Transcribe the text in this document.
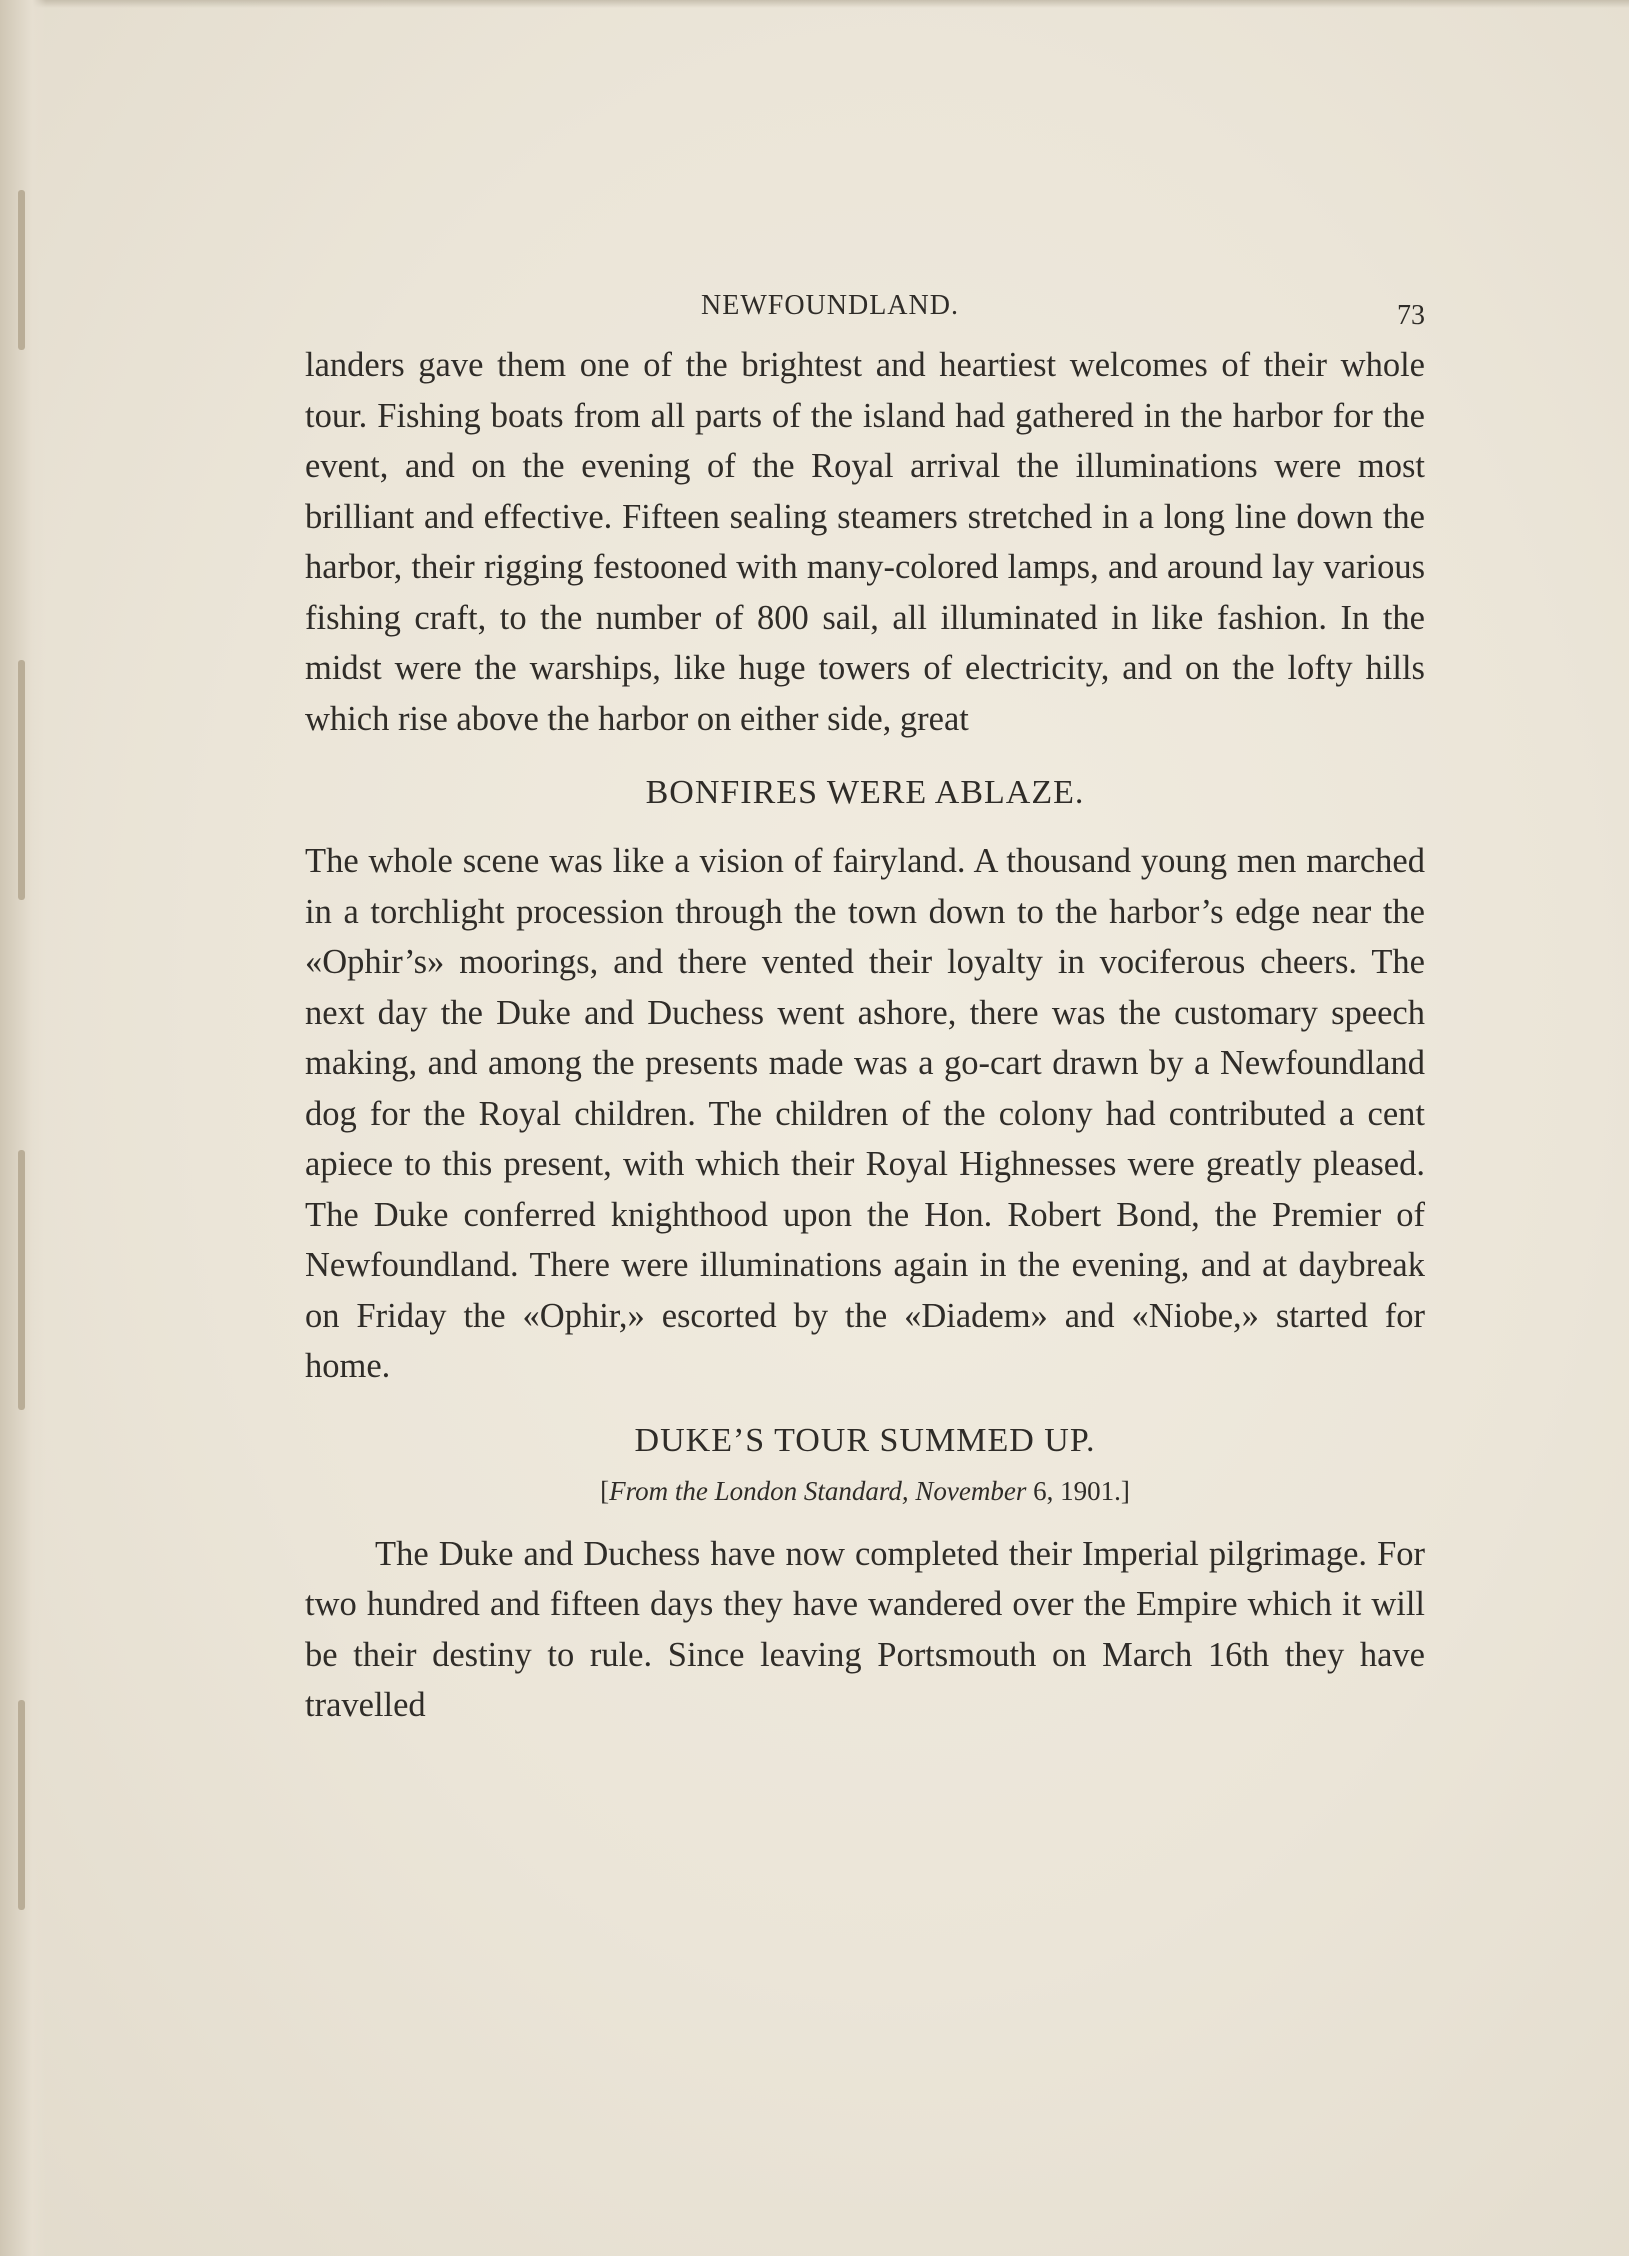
NEWFOUNDLAND.	73

landers gave them one of the brightest and heartiest welcomes of their whole tour. Fishing boats from all parts of the island had gathered in the harbor for the event, and on the evening of the Royal arrival the illuminations were most brilliant and effective. Fifteen sealing steamers stretched in a long line down the harbor, their rigging festooned with many-colored lamps, and around lay various fishing craft, to the number of 800 sail, all illuminated in like fashion. In the midst were the warships, like huge towers of electricity, and on the lofty hills which rise above the harbor on either side, great

BONFIRES WERE ABLAZE.

The whole scene was like a vision of fairyland. A thousand young men marched in a torchlight procession through the town down to the harbor’s edge near the «Ophir’s» moorings, and there vented their loyalty in vociferous cheers. The next day the Duke and Duchess went ashore, there was the customary speech making, and among the presents made was a go-cart drawn by a Newfoundland dog for the Royal children. The children of the colony had contributed a cent apiece to this present, with which their Royal Highnesses were greatly pleased. The Duke conferred knighthood upon the Hon. Robert Bond, the Premier of Newfoundland. There were illuminations again in the evening, and at daybreak on Friday the «Ophir,» escorted by the «Diadem» and «Niobe,» started for home.

DUKE’S TOUR SUMMED UP.
[From the London Standard, November 6, 1901.]

The Duke and Duchess have now completed their Imperial pilgrimage. For two hundred and fifteen days they have wandered over the Empire which it will be their destiny to rule. Since leaving Portsmouth on March 16th they have travelled
